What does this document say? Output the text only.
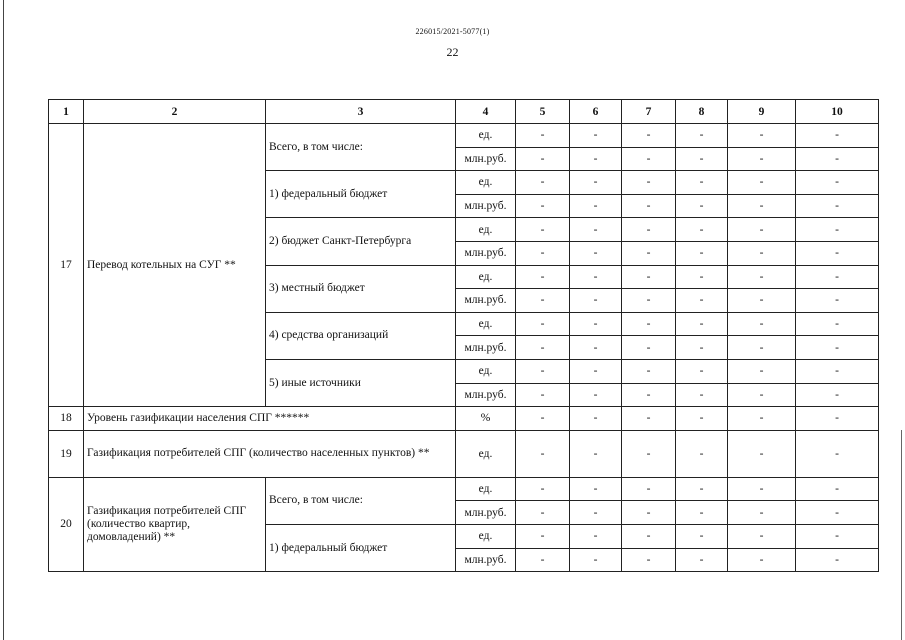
226015/2021-5077(1)
22
1	2	3	4	5	6	7	8	9	10
17	Перевод котельных на СУГ **	Всего, в том числе:	ед.	-	-	-	-	-	-
			млн.руб.	-	-	-	-	-	-
		1) федеральный бюджет	ед.	-	-	-	-	-	-
			млн.руб.	-	-	-	-	-	-
		2) бюджет Санкт-Петербурга	ед.	-	-	-	-	-	-
			млн.руб.	-	-	-	-	-	-
		3) местный бюджет	ед.	-	-	-	-	-	-
			млн.руб.	-	-	-	-	-	-
		4) средства организаций	ед.	-	-	-	-	-	-
			млн.руб.	-	-	-	-	-	-
		5) иные источники	ед.	-	-	-	-	-	-
			млн.руб.	-	-	-	-	-	-
18	Уровень газификации населения СПГ ******		%	-	-	-	-	-	-
19	Газификация потребителей СПГ (количество населенных пунктов) **		ед.	-	-	-	-	-	-
20	Газификация потребителей СПГ (количество квартир, домовладений) **	Всего, в том числе:	ед.	-	-	-	-	-	-
			млн.руб.	-	-	-	-	-	-
		1) федеральный бюджет	ед.	-	-	-	-	-	-
			млн.руб.	-	-	-	-	-	-
